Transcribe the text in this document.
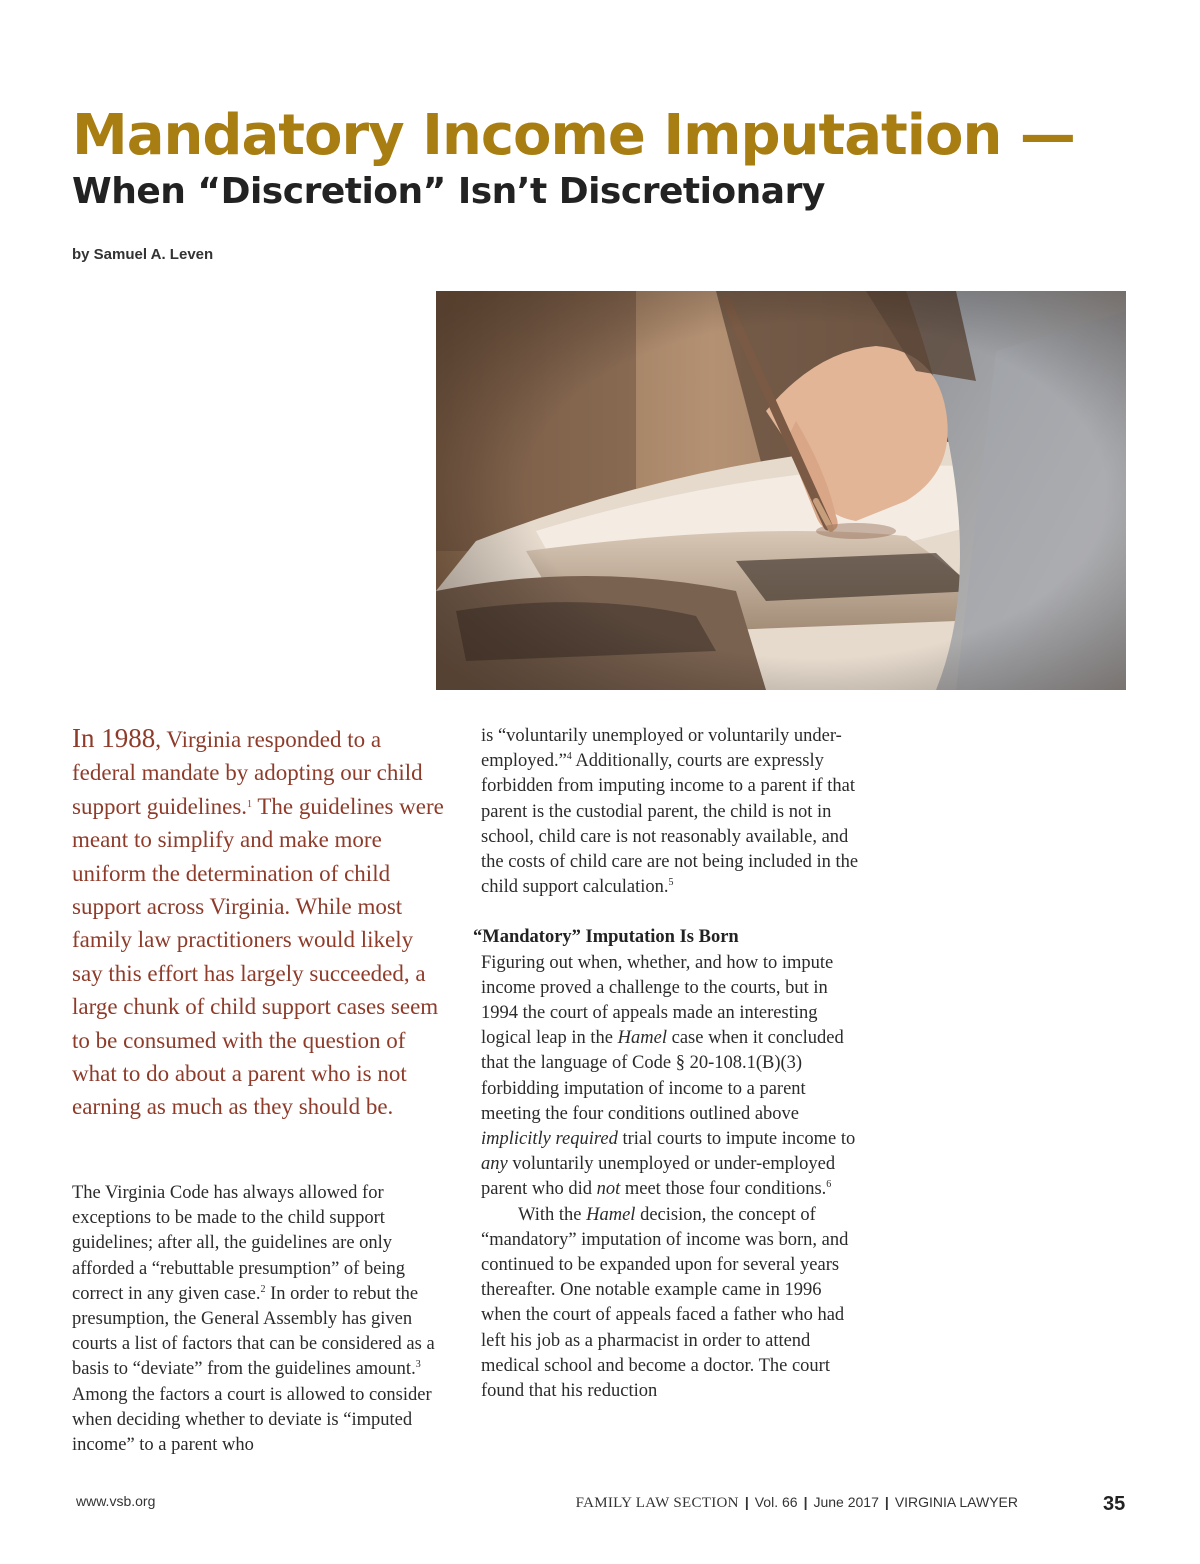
Mandatory Income Imputation —
When “Discretion” Isn’t Discretionary
by Samuel A. Leven

In 1988, Virginia responded to a federal mandate by adopting our child support guidelines.$^1$ The guidelines were meant to simplify and make more uniform the determination of child support across Virginia. While most family law practitioners would likely say this effort has largely succeeded, a large chunk of child support cases seem to be consumed with the question of what to do about a parent who is not earning as much as they should be.

The Virginia Code has always allowed for exceptions to be made to the child support guidelines; after all, the guidelines are only afforded a “rebuttable presumption” of being correct in any given case.$^2$ In order to rebut the presumption, the General Assembly has given courts a list of factors that can be considered as a basis to “deviate” from the guidelines amount.$^3$ Among the factors a court is allowed to consider when deciding whether to deviate is “imputed income” to a parent who

is “voluntarily unemployed or voluntarily under-employed.”$^4$ Additionally, courts are expressly forbidden from imputing income to a parent if that parent is the custodial parent, the child is not in school, child care is not reasonably available, and the costs of child care are not being included in the child support calculation.$^5$

“Mandatory” Imputation Is Born

Figuring out when, whether, and how to impute income proved a challenge to the courts, but in 1994 the court of appeals made an interesting logical leap in the Hamel case when it concluded that the language of Code § 20-108.1(B)(3) forbidding imputation of income to a parent meeting the four conditions outlined above implicitly required trial courts to impute income to any voluntarily unemployed or under-employed parent who did not meet those four conditions.$^6$

With the Hamel decision, the concept of “mandatory” imputation of income was born, and continued to be expanded upon for several years thereafter. One notable example came in 1996 when the court of appeals faced a father who had left his job as a pharmacist in order to attend medical school and become a doctor. The court found that his reduction

www.vsb.org	FAMILY LAW SECTION | Vol. 66 | June 2017 | VIRGINIA LAWYER	35
